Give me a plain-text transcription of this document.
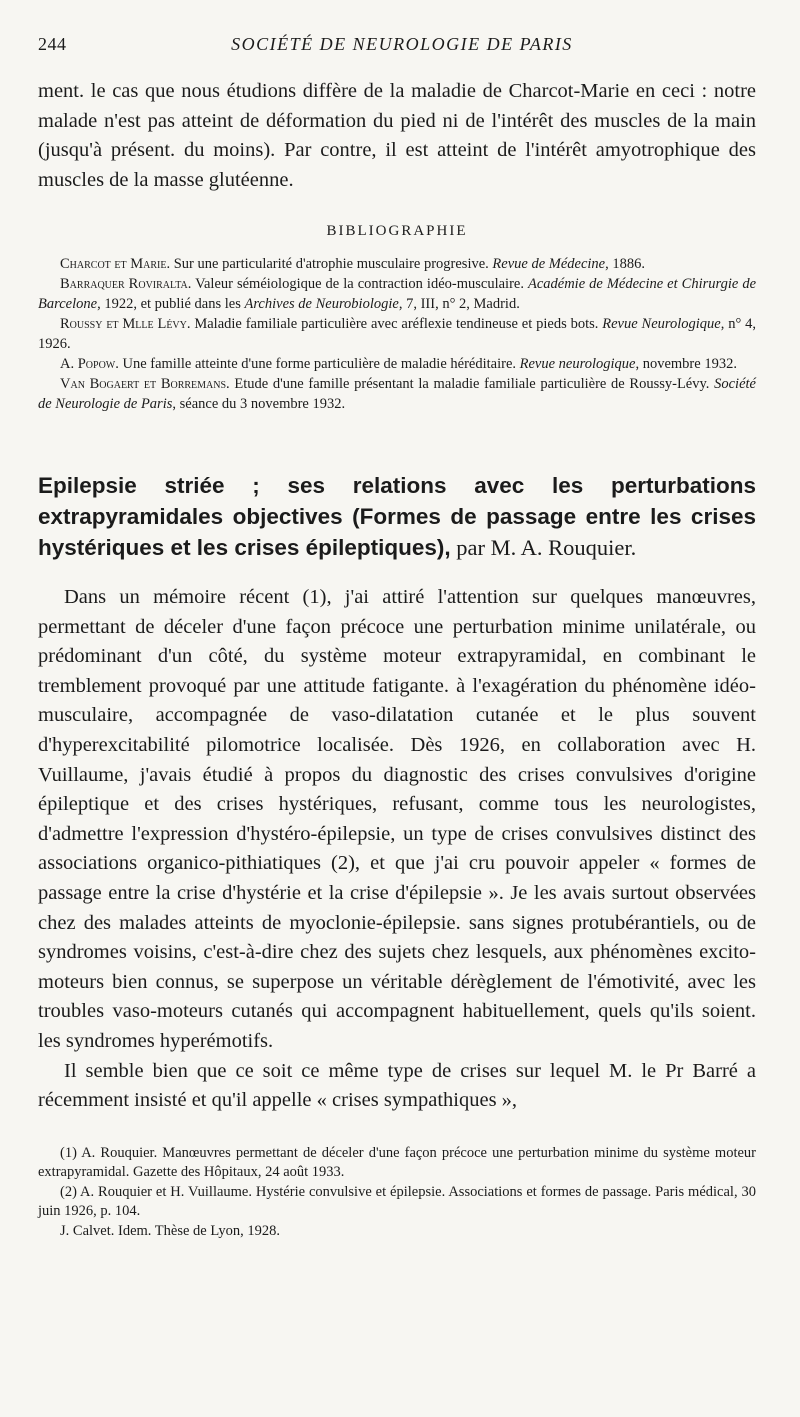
244	SOCIÉTÉ DE NEUROLOGIE DE PARIS

ment. le cas que nous étudions diffère de la maladie de Charcot-Marie en ceci : notre malade n'est pas atteint de déformation du pied ni de l'intérêt des muscles de la main (jusqu'à présent. du moins). Par contre, il est atteint de l'intérêt amyotrophique des muscles de la masse glutéenne.

BIBLIOGRAPHIE

Charcot et Marie. Sur une particularité d'atrophie musculaire progresive. Revue de Médecine, 1886.

Barraquer Roviralta. Valeur séméiologique de la contraction idéo-musculaire. Académie de Médecine et Chirurgie de Barcelone, 1922, et publié dans les Archives de Neurobiologie, 7, III, n° 2, Madrid.

Roussy et Mlle Lévy. Maladie familiale particulière avec aréflexie tendineuse et pieds bots. Revue Neurologique, n° 4, 1926.

A. Popow. Une famille atteinte d'une forme particulière de maladie héréditaire. Revue neurologique, novembre 1932.

Van Bogaert et Borremans. Etude d'une famille présentant la maladie familiale particulière de Roussy-Lévy. Société de Neurologie de Paris, séance du 3 novembre 1932.

Epilepsie striée ; ses relations avec les perturbations extrapyramidales objectives (Formes de passage entre les crises hystériques et les crises épileptiques), par M. A. Rouquier.

Dans un mémoire récent (1), j'ai attiré l'attention sur quelques manœuvres, permettant de déceler d'une façon précoce une perturbation minime unilatérale, ou prédominant d'un côté, du système moteur extrapyramidal, en combinant le tremblement provoqué par une attitude fatigante. à l'exagération du phénomène idéo-musculaire, accompagnée de vaso-dilatation cutanée et le plus souvent d'hyperexcitabilité pilomotrice localisée. Dès 1926, en collaboration avec H. Vuillaume, j'avais étudié à propos du diagnostic des crises convulsives d'origine épileptique et des crises hystériques, refusant, comme tous les neurologistes, d'admettre l'expression d'hystéro-épilepsie, un type de crises convulsives distinct des associations organico-pithiatiques (2), et que j'ai cru pouvoir appeler « formes de passage entre la crise d'hystérie et la crise d'épilepsie ». Je les avais surtout observées chez des malades atteints de myoclonie-épilepsie. sans signes protubérantiels, ou de syndromes voisins, c'est-à-dire chez des sujets chez lesquels, aux phénomènes excito-moteurs bien connus, se superpose un véritable dérèglement de l'émotivité, avec les troubles vaso-moteurs cutanés qui accompagnent habituellement, quels qu'ils soient. les syndromes hyperémotifs.

Il semble bien que ce soit ce même type de crises sur lequel M. le Pr Barré a récemment insisté et qu'il appelle « crises sympathiques »,

(1) A. Rouquier. Manœuvres permettant de déceler d'une façon précoce une perturbation minime du système moteur extrapyramidal. Gazette des Hôpitaux, 24 août 1933.

(2) A. Rouquier et H. Vuillaume. Hystérie convulsive et épilepsie. Associations et formes de passage. Paris médical, 30 juin 1926, p. 104.

J. Calvet. Idem. Thèse de Lyon, 1928.
